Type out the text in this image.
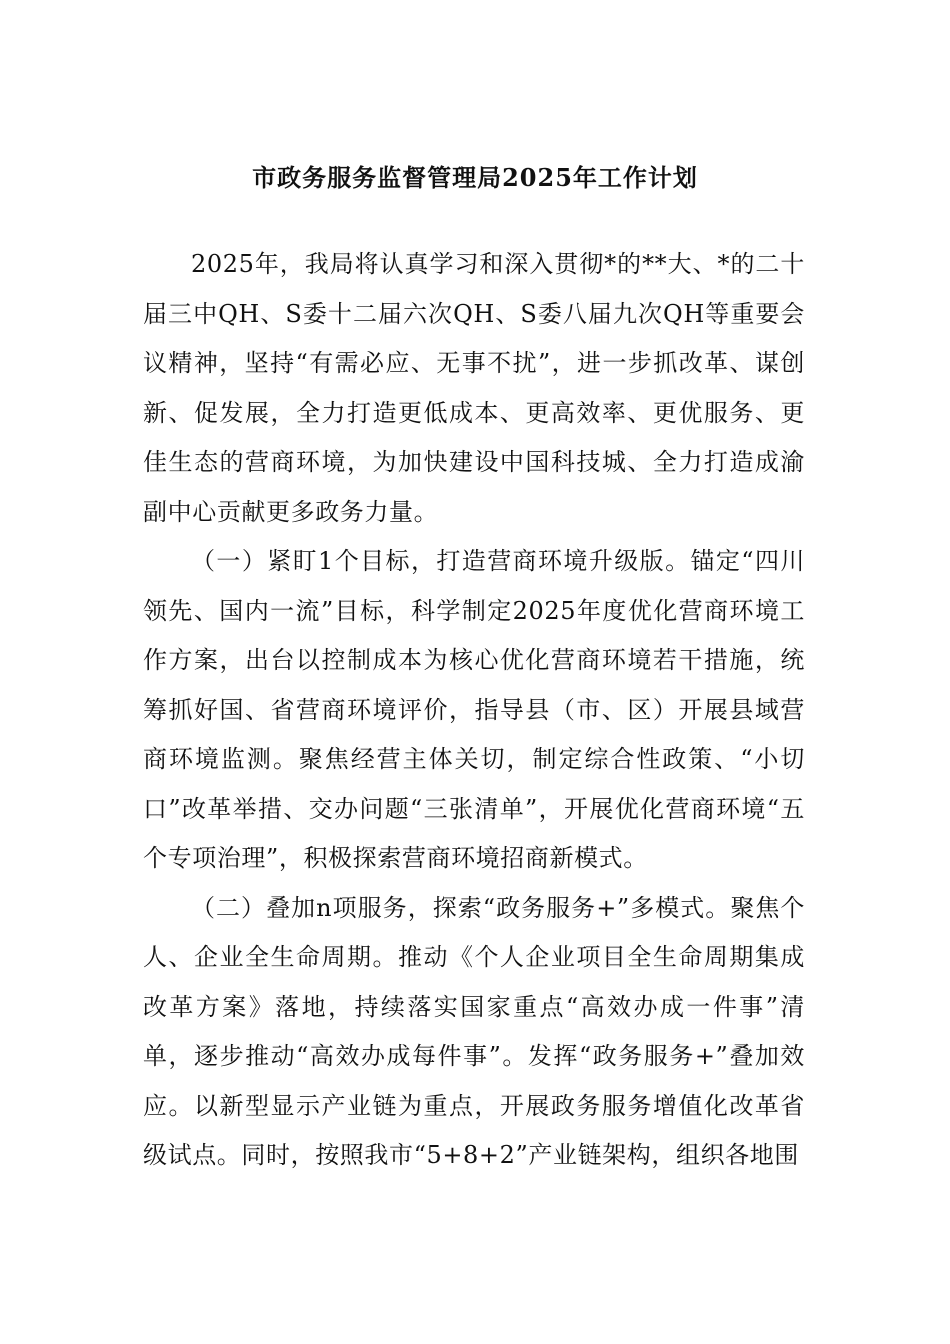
市政务服务监督管理局2025年工作计划

2025年，我局将认真学习和深入贯彻*的**大、*的二十届三中QH、S委十二届六次QH、S委八届九次QH等重要会议精神，坚持“有需必应、无事不扰”，进一步抓改革、谋创新、促发展，全力打造更低成本、更高效率、更优服务、更佳生态的营商环境，为加快建设中国科技城、全力打造成渝副中心贡献更多政务力量。

（一）紧盯1个目标，打造营商环境升级版。锚定“四川领先、国内一流”目标，科学制定2025年度优化营商环境工作方案，出台以控制成本为核心优化营商环境若干措施，统筹抓好国、省营商环境评价，指导县（市、区）开展县域营商环境监测。聚焦经营主体关切，制定综合性政策、“小切口”改革举措、交办问题“三张清单”，开展优化营商环境“五个专项治理”，积极探索营商环境招商新模式。

（二）叠加n项服务，探索“政务服务+”多模式。聚焦个人、企业全生命周期。推动《个人企业项目全生命周期集成改革方案》落地，持续落实国家重点“高效办成一件事”清单，逐步推动“高效办成每件事”。发挥“政务服务+”叠加效应。以新型显示产业链为重点，开展政务服务增值化改革省级试点。同时，按照我市“5+8+2”产业链架构，组织各地围
